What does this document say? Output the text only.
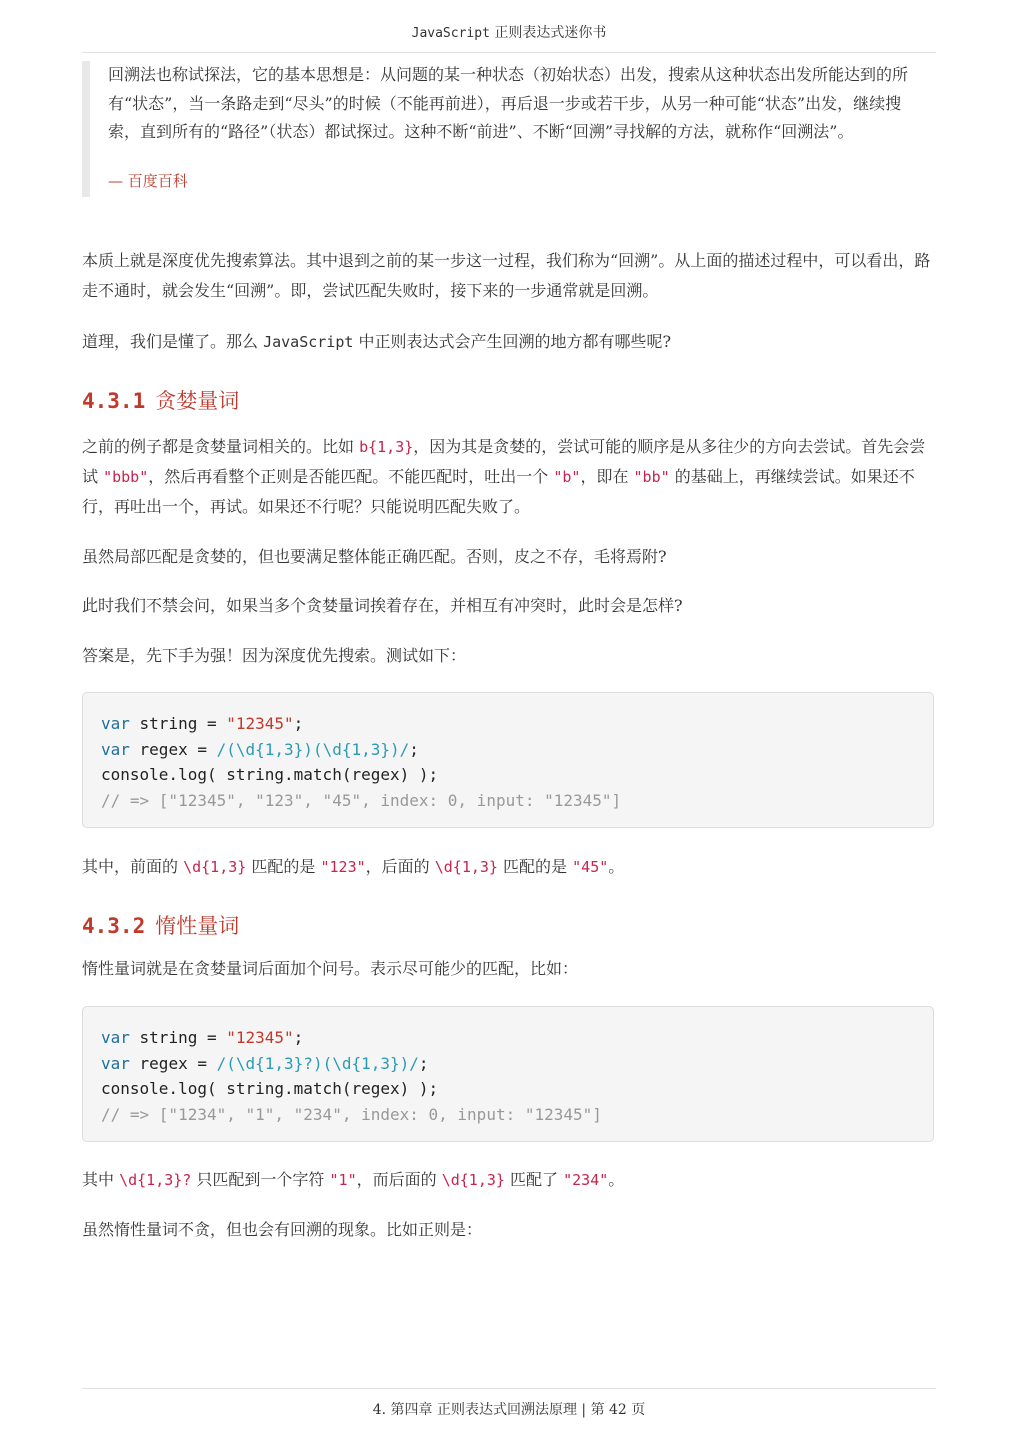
JavaScript 正则表达式迷你书
回溯法也称试探法，它的基本思想是：从问题的某一种状态（初始状态）出发，搜索从这种状态出发所能达到的所有“状态”，当一条路走到“尽头”的时候（不能再前进），再后退一步或若干步，从另一种可能“状态”出发，继续搜索，直到所有的“路径”（状态）都试探过。这种不断“前进”、不断“回溯”寻找解的方法，就称作“回溯法”。
— 百度百科
本质上就是深度优先搜索算法。其中退到之前的某一步这一过程，我们称为“回溯”。从上面的描述过程中，可以看出，路走不通时，就会发生“回溯”。即，尝试匹配失败时，接下来的一步通常就是回溯。
道理，我们是懂了。那么 JavaScript 中正则表达式会产生回溯的地方都有哪些呢?
4.3.1 贪婪量词
之前的例子都是贪婪量词相关的。比如 b{1,3}，因为其是贪婪的，尝试可能的顺序是从多往少的方向去尝试。首先会尝试 "bbb"，然后再看整个正则是否能匹配。不能匹配时，吐出一个 "b"，即在 "bb" 的基础上，再继续尝试。如果还不行，再吐出一个，再试。如果还不行呢？只能说明匹配失败了。
虽然局部匹配是贪婪的，但也要满足整体能正确匹配。否则，皮之不存，毛将焉附?
此时我们不禁会问，如果当多个贪婪量词挨着存在，并相互有冲突时，此时会是怎样?
答案是，先下手为强！因为深度优先搜索。测试如下：
var string = "12345";
var regex = /(\d{1,3})(\d{1,3})/;
console.log( string.match(regex) );
// => ["12345", "123", "45", index: 0, input: "12345"]
其中，前面的 \d{1,3} 匹配的是 "123"，后面的 \d{1,3} 匹配的是 "45"。
4.3.2 惰性量词
惰性量词就是在贪婪量词后面加个问号。表示尽可能少的匹配，比如：
var string = "12345";
var regex = /(\d{1,3}?)(\d{1,3})/;
console.log( string.match(regex) );
// => ["1234", "1", "234", index: 0, input: "12345"]
其中 \d{1,3}? 只匹配到一个字符 "1"，而后面的 \d{1,3} 匹配了 "234"。
虽然惰性量词不贪，但也会有回溯的现象。比如正则是：
4. 第四章 正则表达式回溯法原理 | 第 42 页
